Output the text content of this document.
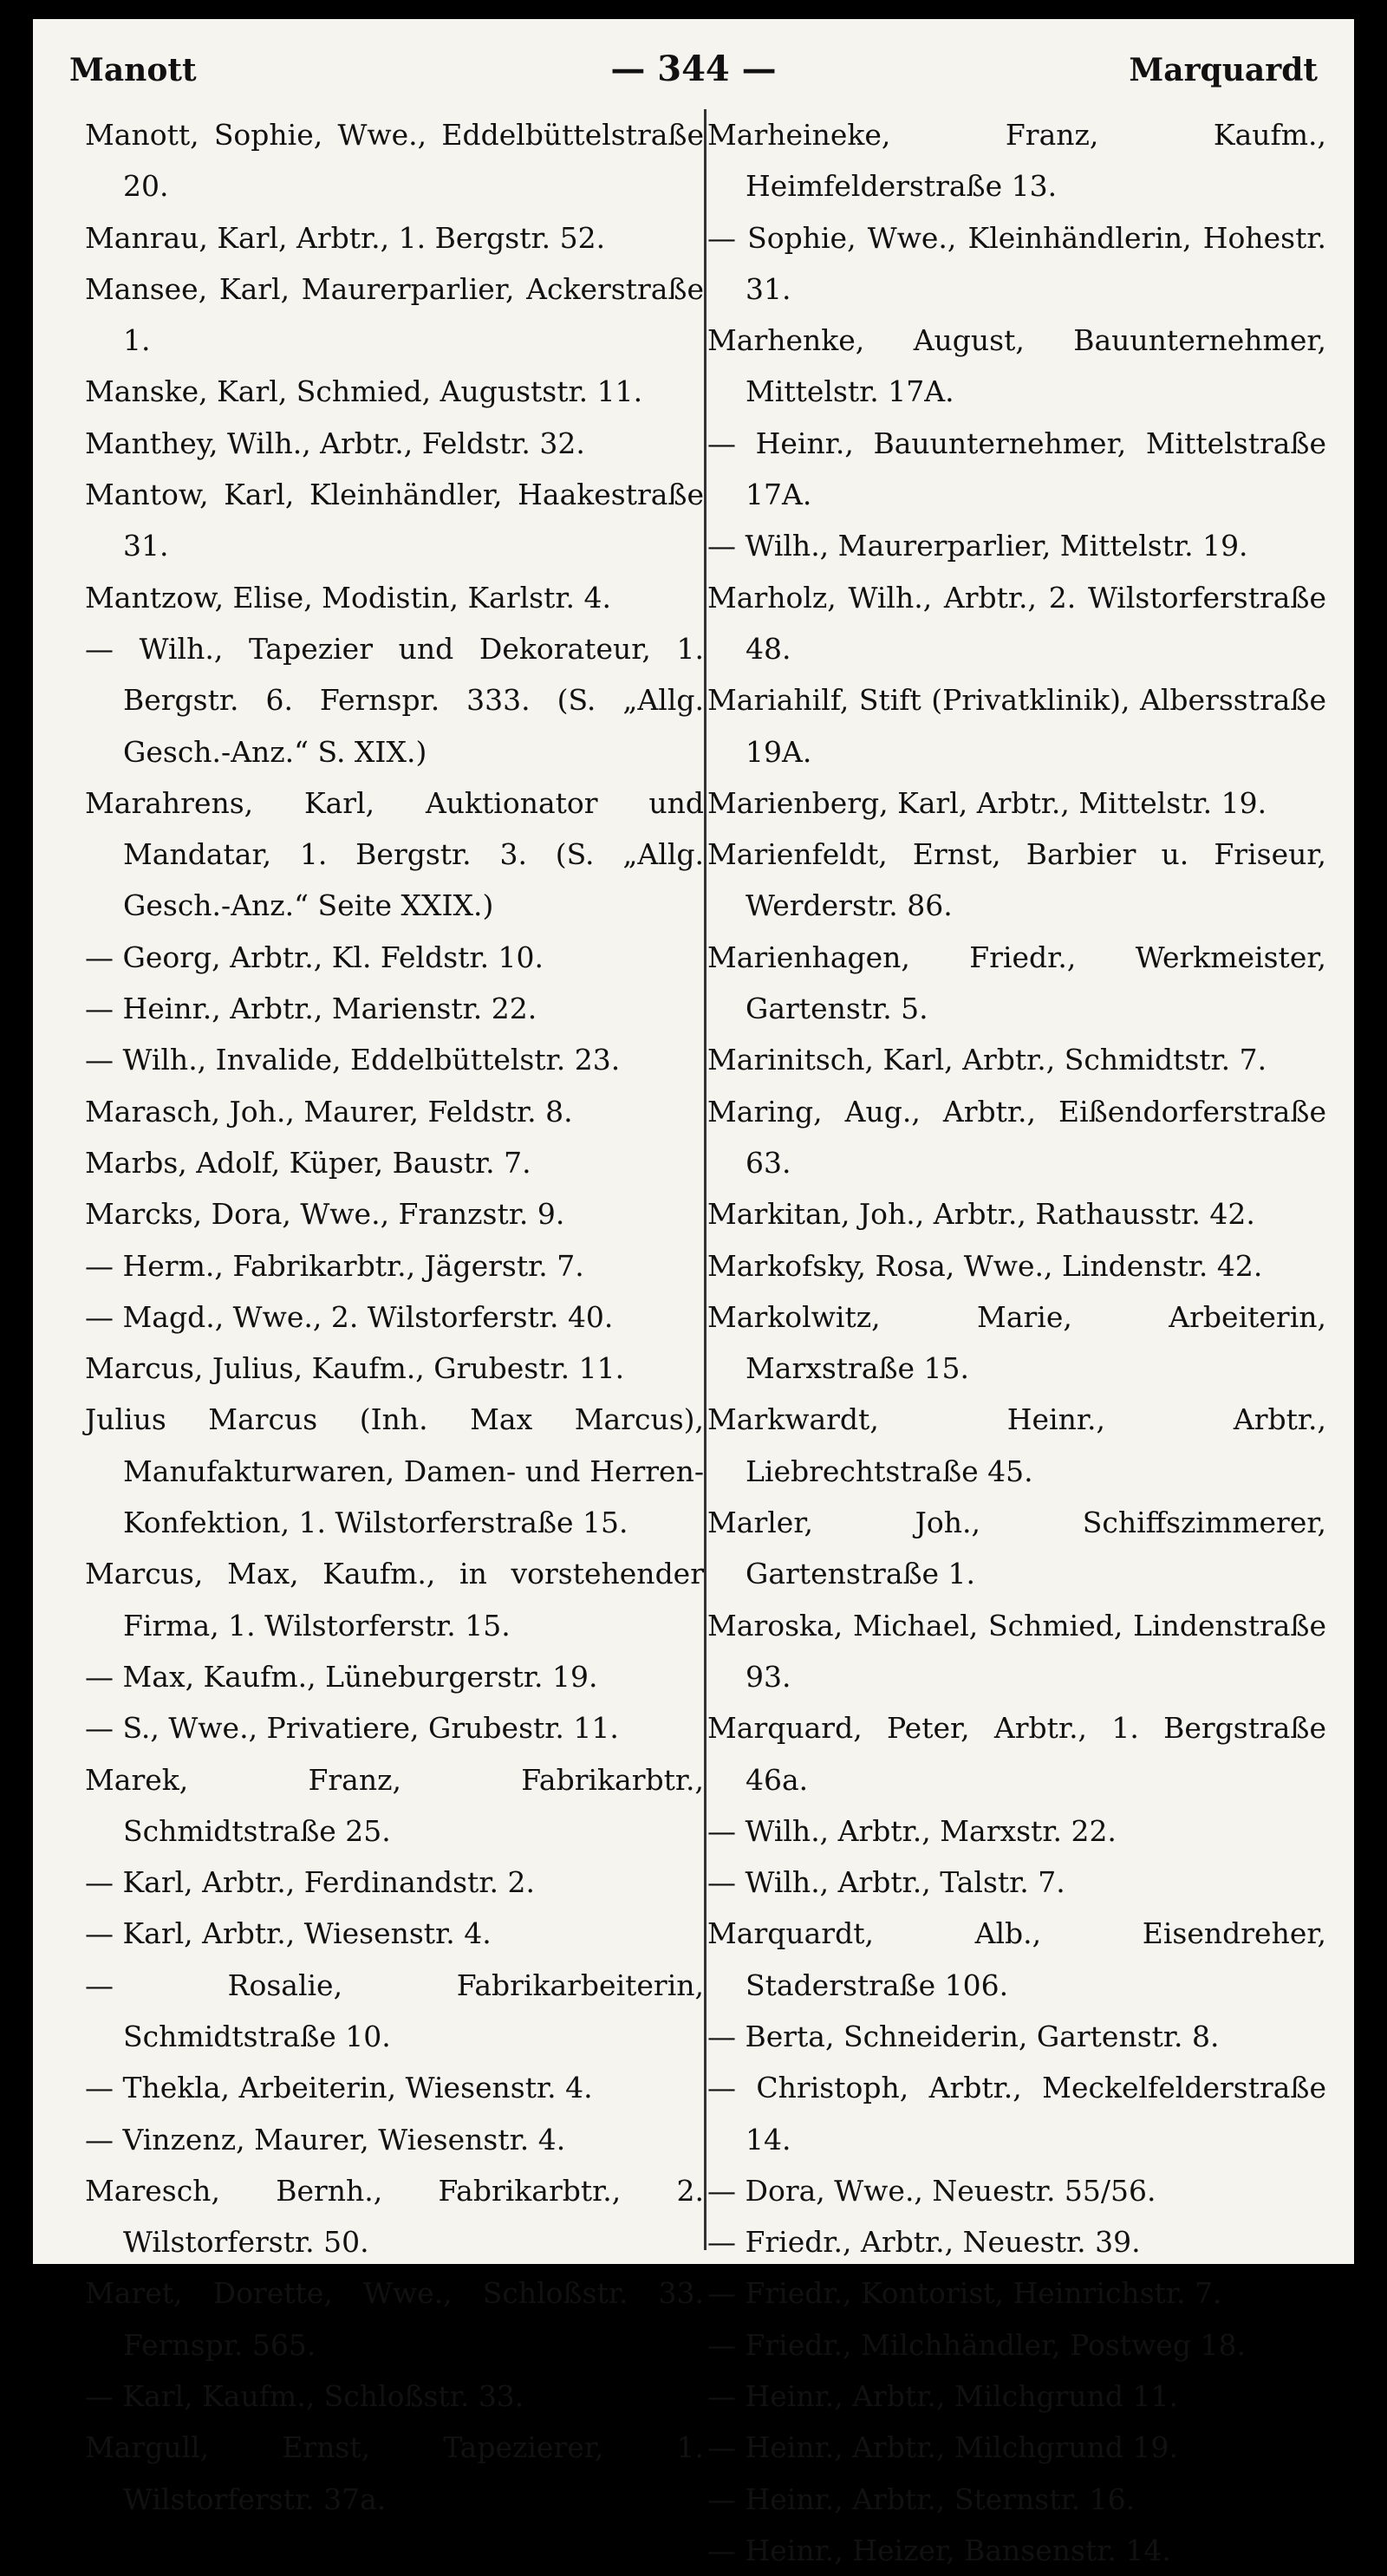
Manott	— 344 —	Marquardt
Manott, Sophie, Wwe., Eddelbüttelstraße 20.
Manrau, Karl, Arbtr., 1. Bergstr. 52.
Mansee, Karl, Maurerparlier, Ackerstraße 1.
Manske, Karl, Schmied, Auguststr. 11.
Manthey, Wilh., Arbtr., Feldstr. 32.
Mantow, Karl, Kleinhändler, Haakestraße 31.
Mantzow, Elise, Modistin, Karlstr. 4.
— Wilh., Tapezier und Dekorateur, 1. Bergstr. 6. Fernspr. 333. (S. „Allg. Gesch.-Anz.“ S. XIX.)
Marahrens, Karl, Auktionator und Mandatar, 1. Bergstr. 3. (S. „Allg. Gesch.-Anz.“ Seite XXIX.)
— Georg, Arbtr., Kl. Feldstr. 10.
— Heinr., Arbtr., Marienstr. 22.
— Wilh., Invalide, Eddelbüttelstr. 23.
Marasch, Joh., Maurer, Feldstr. 8.
Marbs, Adolf, Küper, Baustr. 7.
Marcks, Dora, Wwe., Franzstr. 9.
— Herm., Fabrikarbtr., Jägerstr. 7.
— Magd., Wwe., 2. Wilstorferstr. 40.
Marcus, Julius, Kaufm., Grubestr. 11.
Julius Marcus (Inh. Max Marcus), Manufakturwaren, Damen- und Herren-Konfektion, 1. Wilstorferstraße 15.
Marcus, Max, Kaufm., in vorstehender Firma, 1. Wilstorferstr. 15.
— Max, Kaufm., Lüneburgerstr. 19.
— S., Wwe., Privatiere, Grubestr. 11.
Marek, Franz, Fabrikarbtr., Schmidtstraße 25.
— Karl, Arbtr., Ferdinandstr. 2.
— Karl, Arbtr., Wiesenstr. 4.
— Rosalie, Fabrikarbeiterin, Schmidtstraße 10.
— Thekla, Arbeiterin, Wiesenstr. 4.
— Vinzenz, Maurer, Wiesenstr. 4.
Maresch, Bernh., Fabrikarbtr., 2. Wilstorferstr. 50.
Maret, Dorette, Wwe., Schloßstr. 33. Fernspr. 565.
— Karl, Kaufm., Schloßstr. 33.
Margull, Ernst, Tapezierer, 1. Wilstorferstr. 37a.
Marheineke, Franz, Kaufm., Heimfelderstraße 13.
— Sophie, Wwe., Kleinhändlerin, Hohestr. 31.
Marhenke, August, Bauunternehmer, Mittelstr. 17A.
— Heinr., Bauunternehmer, Mittelstraße 17A.
— Wilh., Maurerparlier, Mittelstr. 19.
Marholz, Wilh., Arbtr., 2. Wilstorferstraße 48.
Mariahilf, Stift (Privatklinik), Albersstraße 19A.
Marienberg, Karl, Arbtr., Mittelstr. 19.
Marienfeldt, Ernst, Barbier u. Friseur, Werderstr. 86.
Marienhagen, Friedr., Werkmeister, Gartenstr. 5.
Marinitsch, Karl, Arbtr., Schmidtstr. 7.
Maring, Aug., Arbtr., Eißendorferstraße 63.
Markitan, Joh., Arbtr., Rathausstr. 42.
Markofsky, Rosa, Wwe., Lindenstr. 42.
Markolwitz, Marie, Arbeiterin, Marxstraße 15.
Markwardt, Heinr., Arbtr., Liebrechtstraße 45.
Marler, Joh., Schiffszimmerer, Gartenstraße 1.
Maroska, Michael, Schmied, Lindenstraße 93.
Marquard, Peter, Arbtr., 1. Bergstraße 46a.
— Wilh., Arbtr., Marxstr. 22.
— Wilh., Arbtr., Talstr. 7.
Marquardt, Alb., Eisendreher, Staderstraße 106.
— Berta, Schneiderin, Gartenstr. 8.
— Christoph, Arbtr., Meckelfelderstraße 14.
— Dora, Wwe., Neuestr. 55/56.
— Friedr., Arbtr., Neuestr. 39.
— Friedr., Kontorist, Heinrichstr. 7.
— Friedr., Milchhändler, Postweg 18.
— Heinr., Arbtr., Milchgrund 11.
— Heinr., Arbtr., Milchgrund 19.
— Heinr., Arbtr., Sternstr. 16.
— Heinr., Heizer, Bansenstr. 14.
